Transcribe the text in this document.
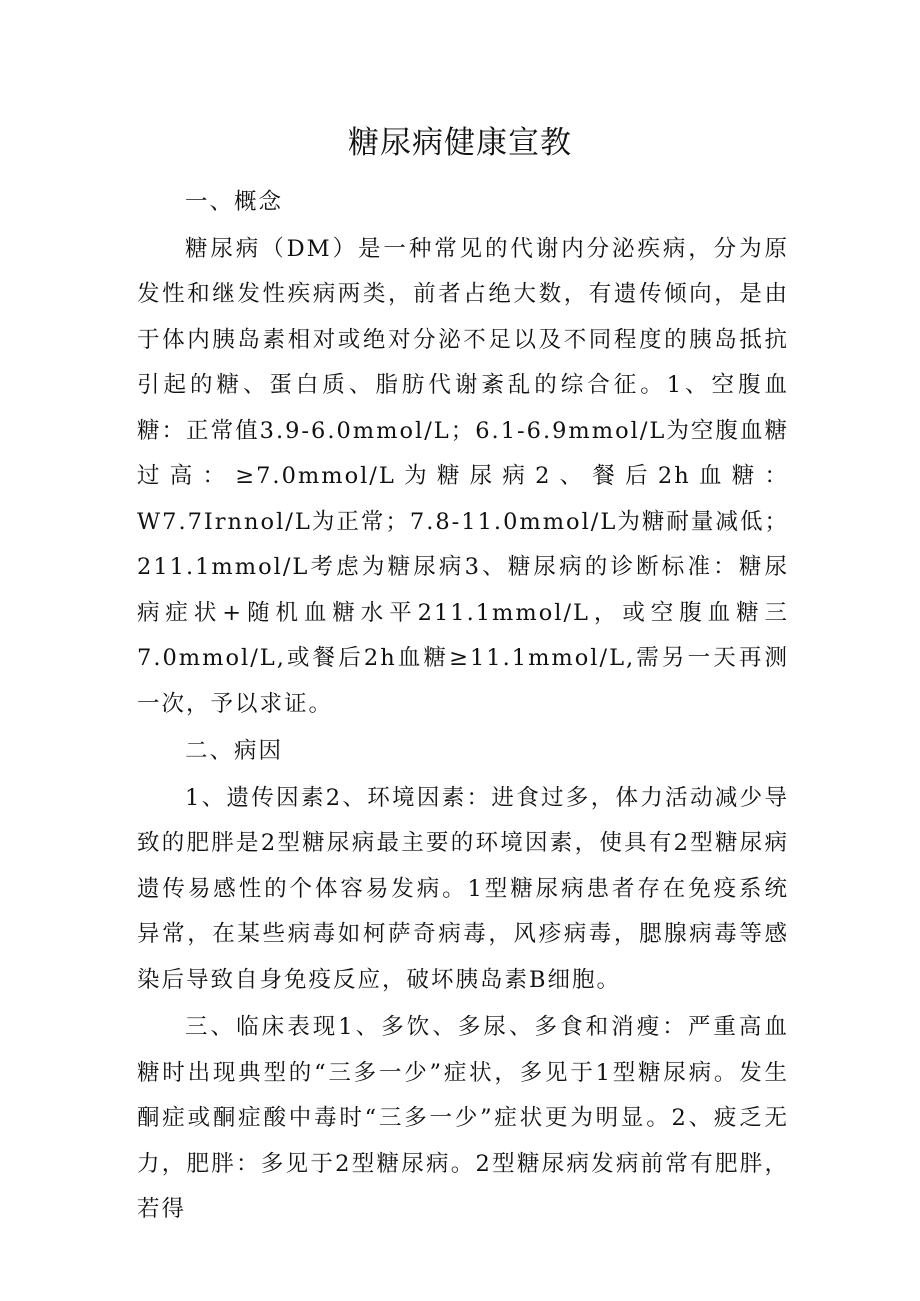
糖尿病健康宣教

一、概念

糖尿病（DM）是一种常见的代谢内分泌疾病，分为原发性和继发性疾病两类，前者占绝大数，有遗传倾向，是由于体内胰岛素相对或绝对分泌不足以及不同程度的胰岛抵抗引起的糖、蛋白质、脂肪代谢紊乱的综合征。1、空腹血糖：正常值3.9-6.0mmol/L；6.1-6.9mmol/L为空腹血糖过高：≥7.0mmol/L为糖尿病2、餐后2h血糖：W7.7Irnnol/L为正常；7.8-11.0mmol/L为糖耐量减低；211.1mmol/L考虑为糖尿病3、糖尿病的诊断标准：糖尿病症状+随机血糖水平211.1mmol/L，或空腹血糖三7.0mmol/L,或餐后2h血糖≥11.1mmol/L,需另一天再测一次，予以求证。

二、病因

1、遗传因素2、环境因素：进食过多，体力活动减少导致的肥胖是2型糖尿病最主要的环境因素，使具有2型糖尿病遗传易感性的个体容易发病。1型糖尿病患者存在免疫系统异常，在某些病毒如柯萨奇病毒，风疹病毒，腮腺病毒等感染后导致自身免疫反应，破坏胰岛素B细胞。

三、临床表现1、多饮、多尿、多食和消瘦：严重高血糖时出现典型的“三多一少”症状，多见于1型糖尿病。发生酮症或酮症酸中毒时“三多一少”症状更为明显。2、疲乏无力，肥胖：多见于2型糖尿病。2型糖尿病发病前常有肥胖，若得
